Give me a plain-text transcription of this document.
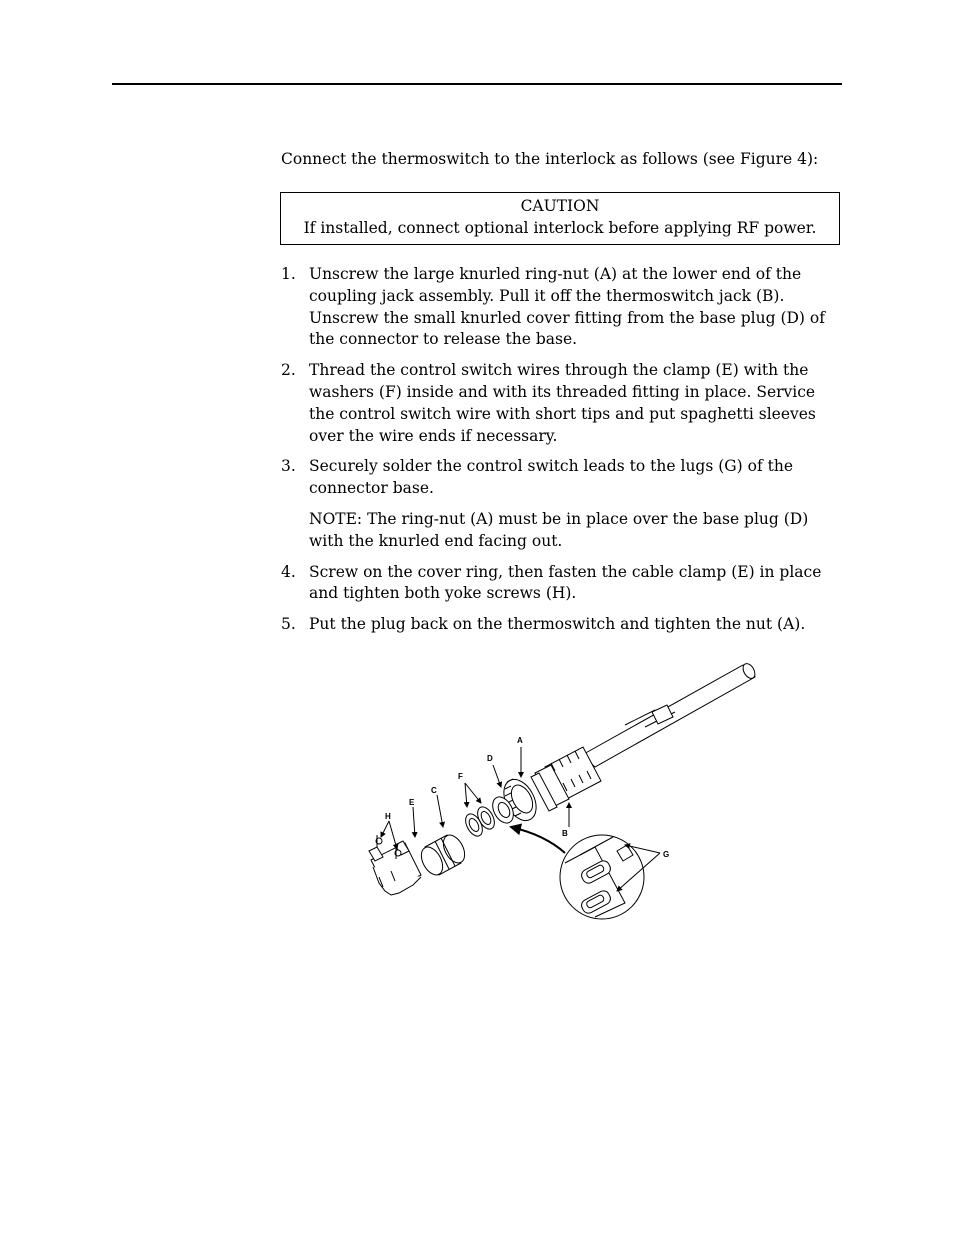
Connect the thermoswitch to the interlock as follows (see Figure 4):
CAUTION
If installed, connect optional interlock before applying RF power.
1. Unscrew the large knurled ring-nut (A) at the lower end of the coupling jack assembly. Pull it off the thermoswitch jack (B). Unscrew the small knurled cover fitting from the base plug (D) of the connector to release the base.
2. Thread the control switch wires through the clamp (E) with the washers (F) inside and with its threaded fitting in place. Service the control switch wire with short tips and put spaghetti sleeves over the wire ends if necessary.
3. Securely solder the control switch leads to the lugs (G) of the connector base.
NOTE: The ring-nut (A) must be in place over the base plug (D) with the knurled end facing out.
4. Screw on the cover ring, then fasten the cable clamp (E) in place and tighten both yoke screws (H).
5. Put the plug back on the thermoswitch and tighten the nut (A).
A
D
F
C
E
H
B
G
